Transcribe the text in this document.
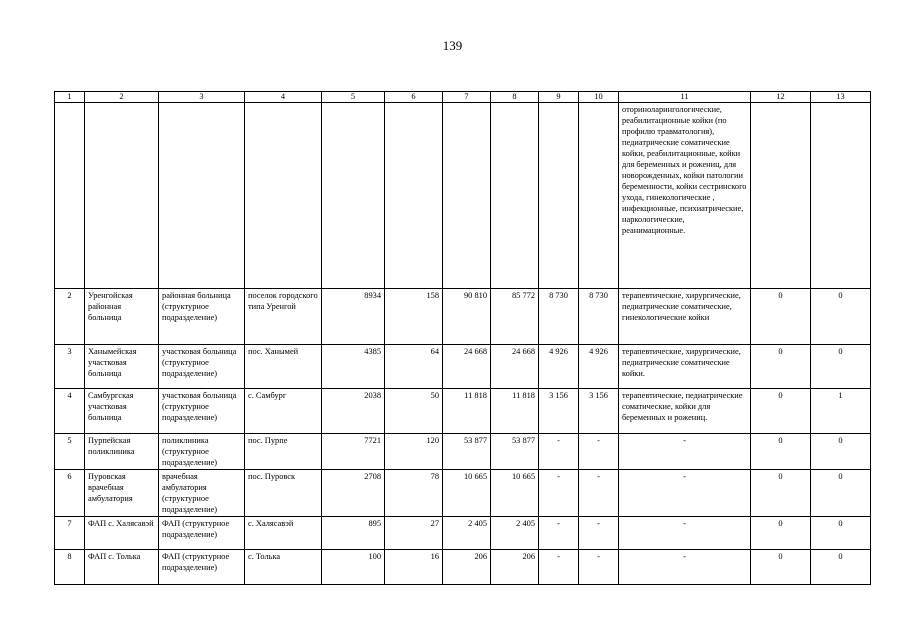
139
1	2	3	4	5	6	7	8	9	10	11	12	13
										оториноларингологические, реабилитационные койки (по профилю травматология), педиатрические соматические койки, реабилитационные, койки для беременных и рожениц, для новорожденных, койки патологии беременности, койки сестринского ухода, гинекологические , инфекционные, психиатрические, наркологические, реанимационные.		
2	Уренгойская районная больница	районная больница (структурное подразделение)	поселок городского типа Уренгой	8934	158	90 810	85 772	8 730	8 730	терапевтические, хирургические, педиатрические соматические, гинекологические койки	0	0
3	Ханымейская участковая больница	участковая больница (структурное подразделение)	пос. Ханымей	4385	64	24 668	24 668	4 926	4 926	терапевтические, хирургические, педиатрические соматические койки.	0	0
4	Самбургская участковая больница	участковая больница (структурное подразделение)	с. Самбург	2038	50	11 818	11 818	3 156	3 156	терапевтические, педиатрические соматические, койки для беременных и рожениц.	0	1
5	Пурпейская поликлиника	поликлиника (структурное подразделение)	пос. Пурпе	7721	120	53 877	53 877	-	-	-	0	0
6	Пуровская врачебная амбулатория	врачебная амбулатория (структурное подразделение)	пос. Пуровск	2708	78	10 665	10 665	-	-	-	0	0
7	ФАП с. Халясавэй	ФАП (структурное подразделение)	с. Халясавэй	895	27	2 405	2 405	-	-	-	0	0
8	ФАП с. Толька	ФАП (структурное подразделение)	с. Толька	100	16	206	206	-	-	-	0	0
